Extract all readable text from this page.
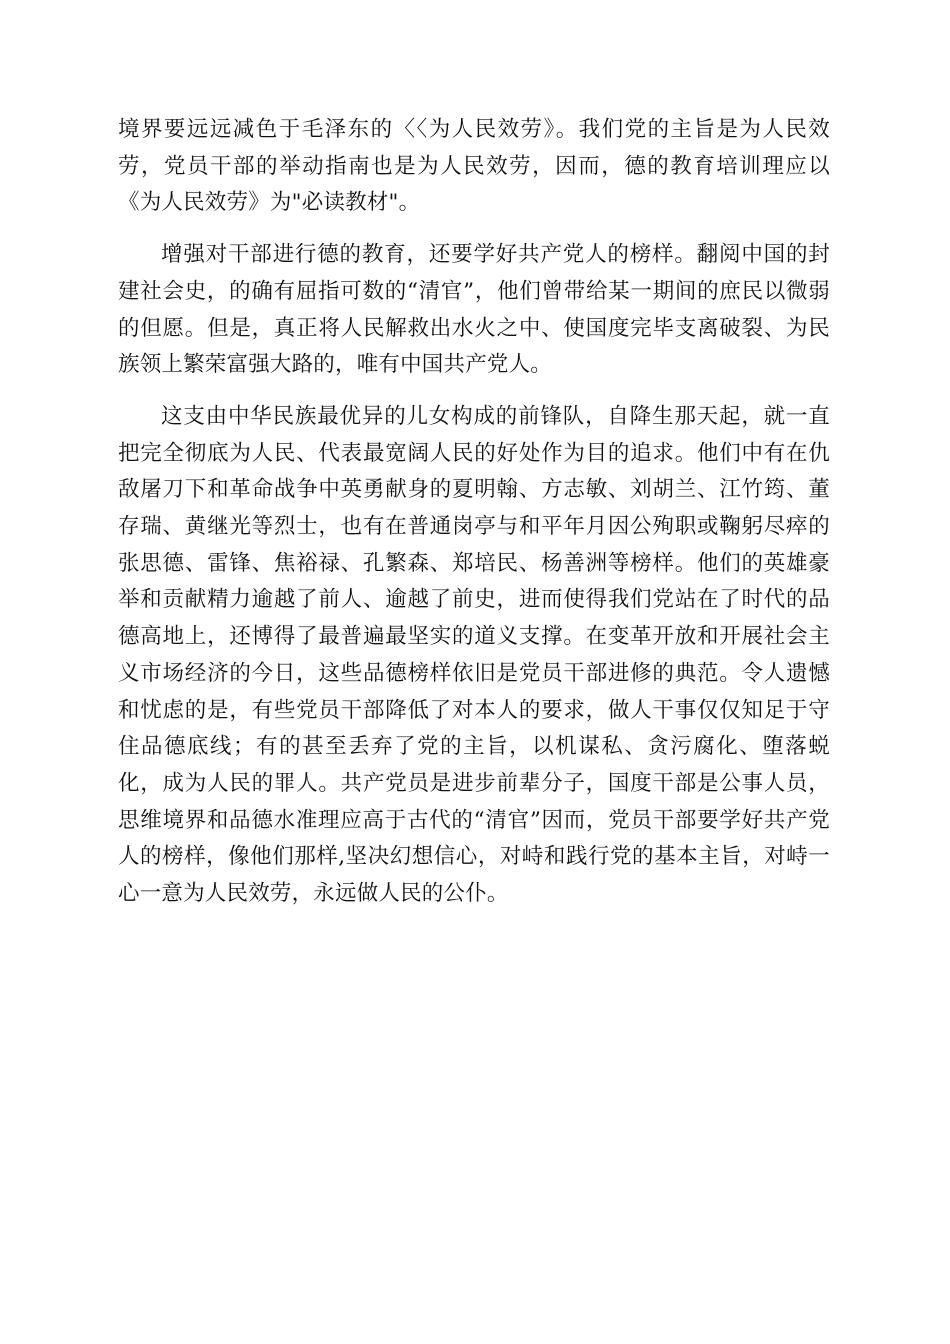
境界要远远减色于毛泽东的〈〈为人民效劳》。我们党的主旨是为人民效劳，党员干部的举动指南也是为人民效劳，因而，德的教育培训理应以《为人民效劳》为"必读教材"。

增强对干部进行德的教育，还要学好共产党人的榜样。翻阅中国的封建社会史，的确有屈指可数的“清官”，他们曾带给某一期间的庶民以微弱的但愿。但是，真正将人民解救出水火之中、使国度完毕支离破裂、为民族领上繁荣富强大路的，唯有中国共产党人。

这支由中华民族最优异的儿女构成的前锋队，自降生那天起，就一直把完全彻底为人民、代表最宽阔人民的好处作为目的追求。他们中有在仇敌屠刀下和革命战争中英勇献身的夏明翰、方志敏、刘胡兰、江竹筠、董存瑞、黄继光等烈士，也有在普通岗亭与和平年月因公殉职或鞠躬尽瘁的张思德、雷锋、焦裕禄、孔繁森、郑培民、杨善洲等榜样。他们的英雄豪举和贡献精力逾越了前人、逾越了前史，进而使得我们党站在了时代的品德高地上，还博得了最普遍最坚实的道义支撑。在变革开放和开展社会主义市场经济的今日，这些品德榜样依旧是党员干部进修的典范。令人遗憾和忧虑的是，有些党员干部降低了对本人的要求，做人干事仅仅知足于守住品德底线；有的甚至丢弃了党的主旨，以机谋私、贪污腐化、堕落蜕化，成为人民的罪人。共产党员是进步前辈分子，国度干部是公事人员，思维境界和品德水准理应高于古代的“清官”因而，党员干部要学好共产党人的榜样，像他们那样,坚决幻想信心，对峙和践行党的基本主旨，对峙一心一意为人民效劳，永远做人民的公仆。
